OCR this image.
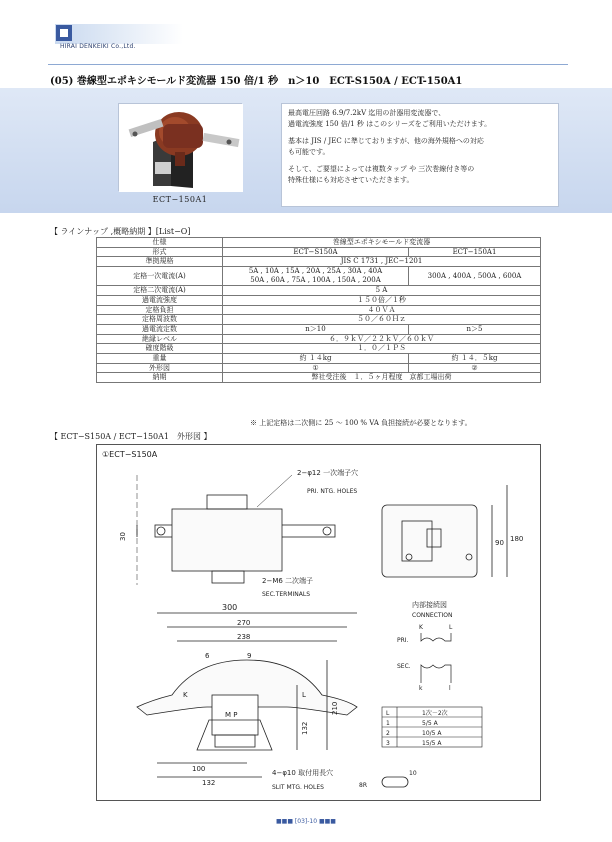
HIRAI DENKEIKI Co.,Ltd.
(05) 巻線型エポキシモールド変流器 150 倍/1 秒　n＞10　ECT-S150A / ECT-150A1
ECT−150A1

最高電圧回路 6.9/7.2kV 迄用の計器用変流器で、
過電流強度 150 倍/1 秒 はこのシリーズをご利用いただけます。

基本は JIS / JEC に準じておりますが、他の海外規格への対応
も可能です。

そして、ご要望によっては複数タップ や 三次巻線付き等の
特殊仕様にも対応させていただきます。

【 ラインナップ ,概略納期 】[List−O]
仕様	巻線型エポキシモールド変流器	
形式	ECT−S150A	ECT−150A1
準拠規格	JIS C 1731 , JEC−1201	
定格一次電流(A)	5A , 10A , 15A , 20A , 25A , 30A , 40A
50A , 60A , 75A , 100A , 150A , 200A	300A , 400A , 500A , 600A
定格二次電流(A)	5 A	
過電流強度	１５０倍／１秒	
定格負担	４０ＶＡ	
定格周波数	５０／６０Ｈｚ	
過電流定数	n＞10	n＞5
絶縁レベル	６．９ｋＶ／２２ｋＶ／６０ｋＶ	
確度階級	１．０／１ＰＳ	
重量	約 １４kg	約 １４．５kg
外形図	①	②
納期	弊社受注後　１．５ヶ月程度　京都工場出荷	
※ 上記定格は二次側に 25 ～ 100 % VA 負担接続が必要となります。
【 ECT−S150A / ECT−150A1　外形図 】
①ECT−S150A
30
90 180
2−φ12 一次端子穴
PRI. NTG. HOLES
2−M6 二次端子
SEC.TERMINALS
300
270
238
6	9
K	L
M P
132
210
100
132
4−φ10 取付用長穴
SLIT MTG. HOLES	8R
10
内部接続図
CONNECTION
K	L
PRI.
SEC.
k	l
L	1次－2次
1	5/5 A
2	10/5 A
3	15/5 A
■■■ [03]-10 ■■■
